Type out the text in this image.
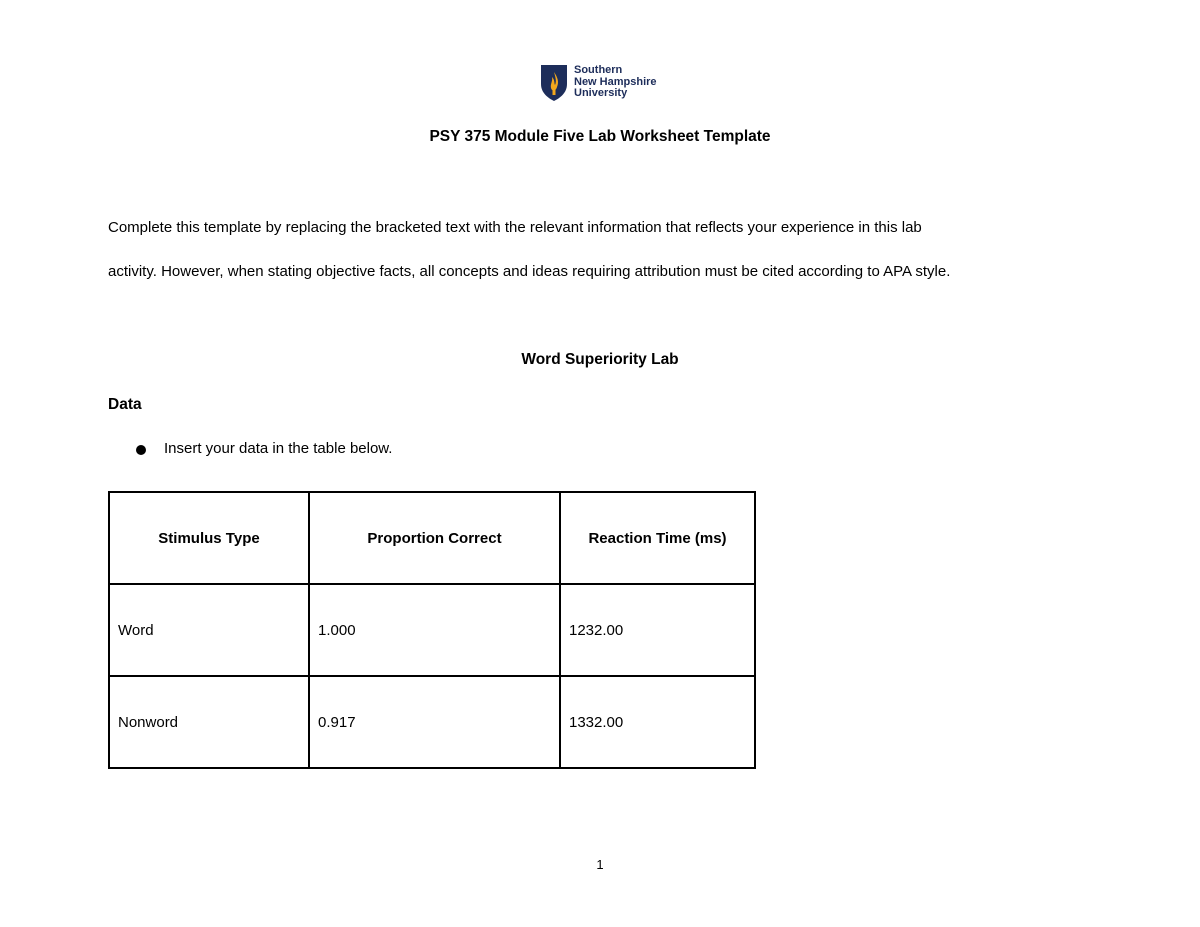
Southern
New Hampshire
University
PSY 375 Module Five Lab Worksheet Template
Complete this template by replacing the bracketed text with the relevant information that reflects your experience in this lab
activity. However, when stating objective facts, all concepts and ideas requiring attribution must be cited according to APA style.
Word Superiority Lab
Data
Insert your data in the table below.
Stimulus Type	Proportion Correct	Reaction Time (ms)
Word	1.000	1232.00
Nonword	0.917	1332.00
1
